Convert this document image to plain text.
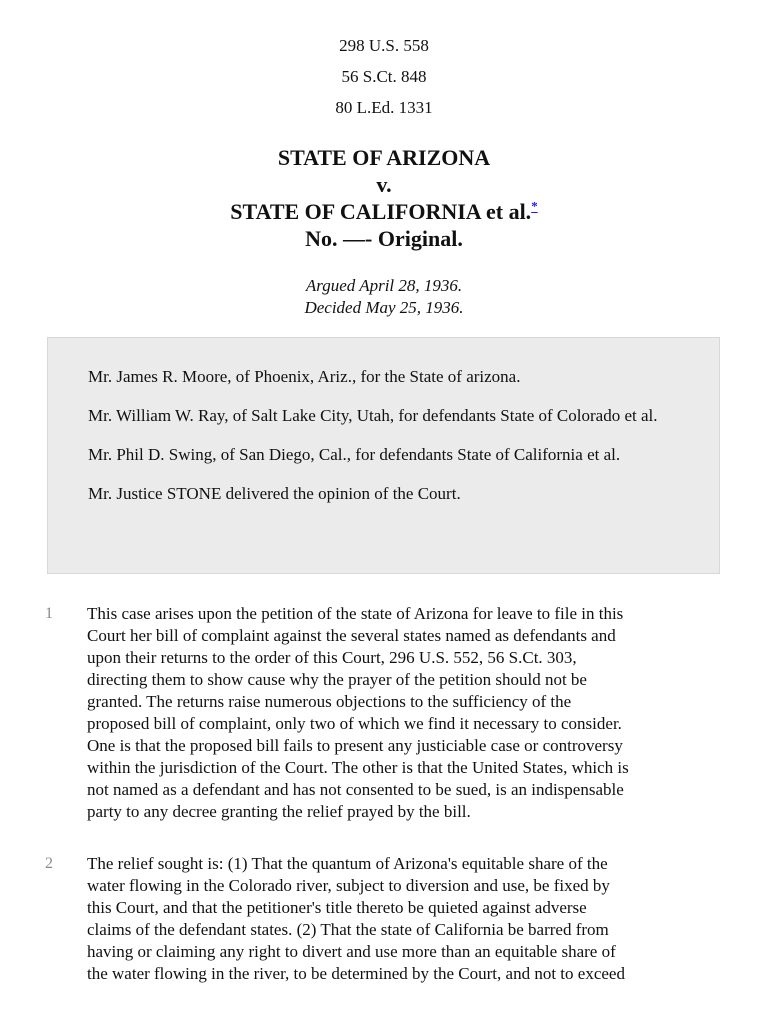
298 U.S. 558
56 S.Ct. 848
80 L.Ed. 1331
STATE OF ARIZONA
v.
STATE OF CALIFORNIA et al.*
No. —- Original.
Argued April 28, 1936.
Decided May 25, 1936.

Mr. James R. Moore, of Phoenix, Ariz., for the State of arizona.

Mr. William W. Ray, of Salt Lake City, Utah, for defendants State of Colorado et al.

Mr. Phil D. Swing, of San Diego, Cal., for defendants State of California et al.

Mr. Justice STONE delivered the opinion of the Court.

1 This case arises upon the petition of the state of Arizona for leave to file in this
Court her bill of complaint against the several states named as defendants and
upon their returns to the order of this Court, 296 U.S. 552, 56 S.Ct. 303,
directing them to show cause why the prayer of the petition should not be
granted. The returns raise numerous objections to the sufficiency of the
proposed bill of complaint, only two of which we find it necessary to consider.
One is that the proposed bill fails to present any justiciable case or controversy
within the jurisdiction of the Court. The other is that the United States, which is
not named as a defendant and has not consented to be sued, is an indispensable
party to any decree granting the relief prayed by the bill.
2 The relief sought is: (1) That the quantum of Arizona's equitable share of the
water flowing in the Colorado river, subject to diversion and use, be fixed by
this Court, and that the petitioner's title thereto be quieted against adverse
claims of the defendant states. (2) That the state of California be barred from
having or claiming any right to divert and use more than an equitable share of
the water flowing in the river, to be determined by the Court, and not to exceed
